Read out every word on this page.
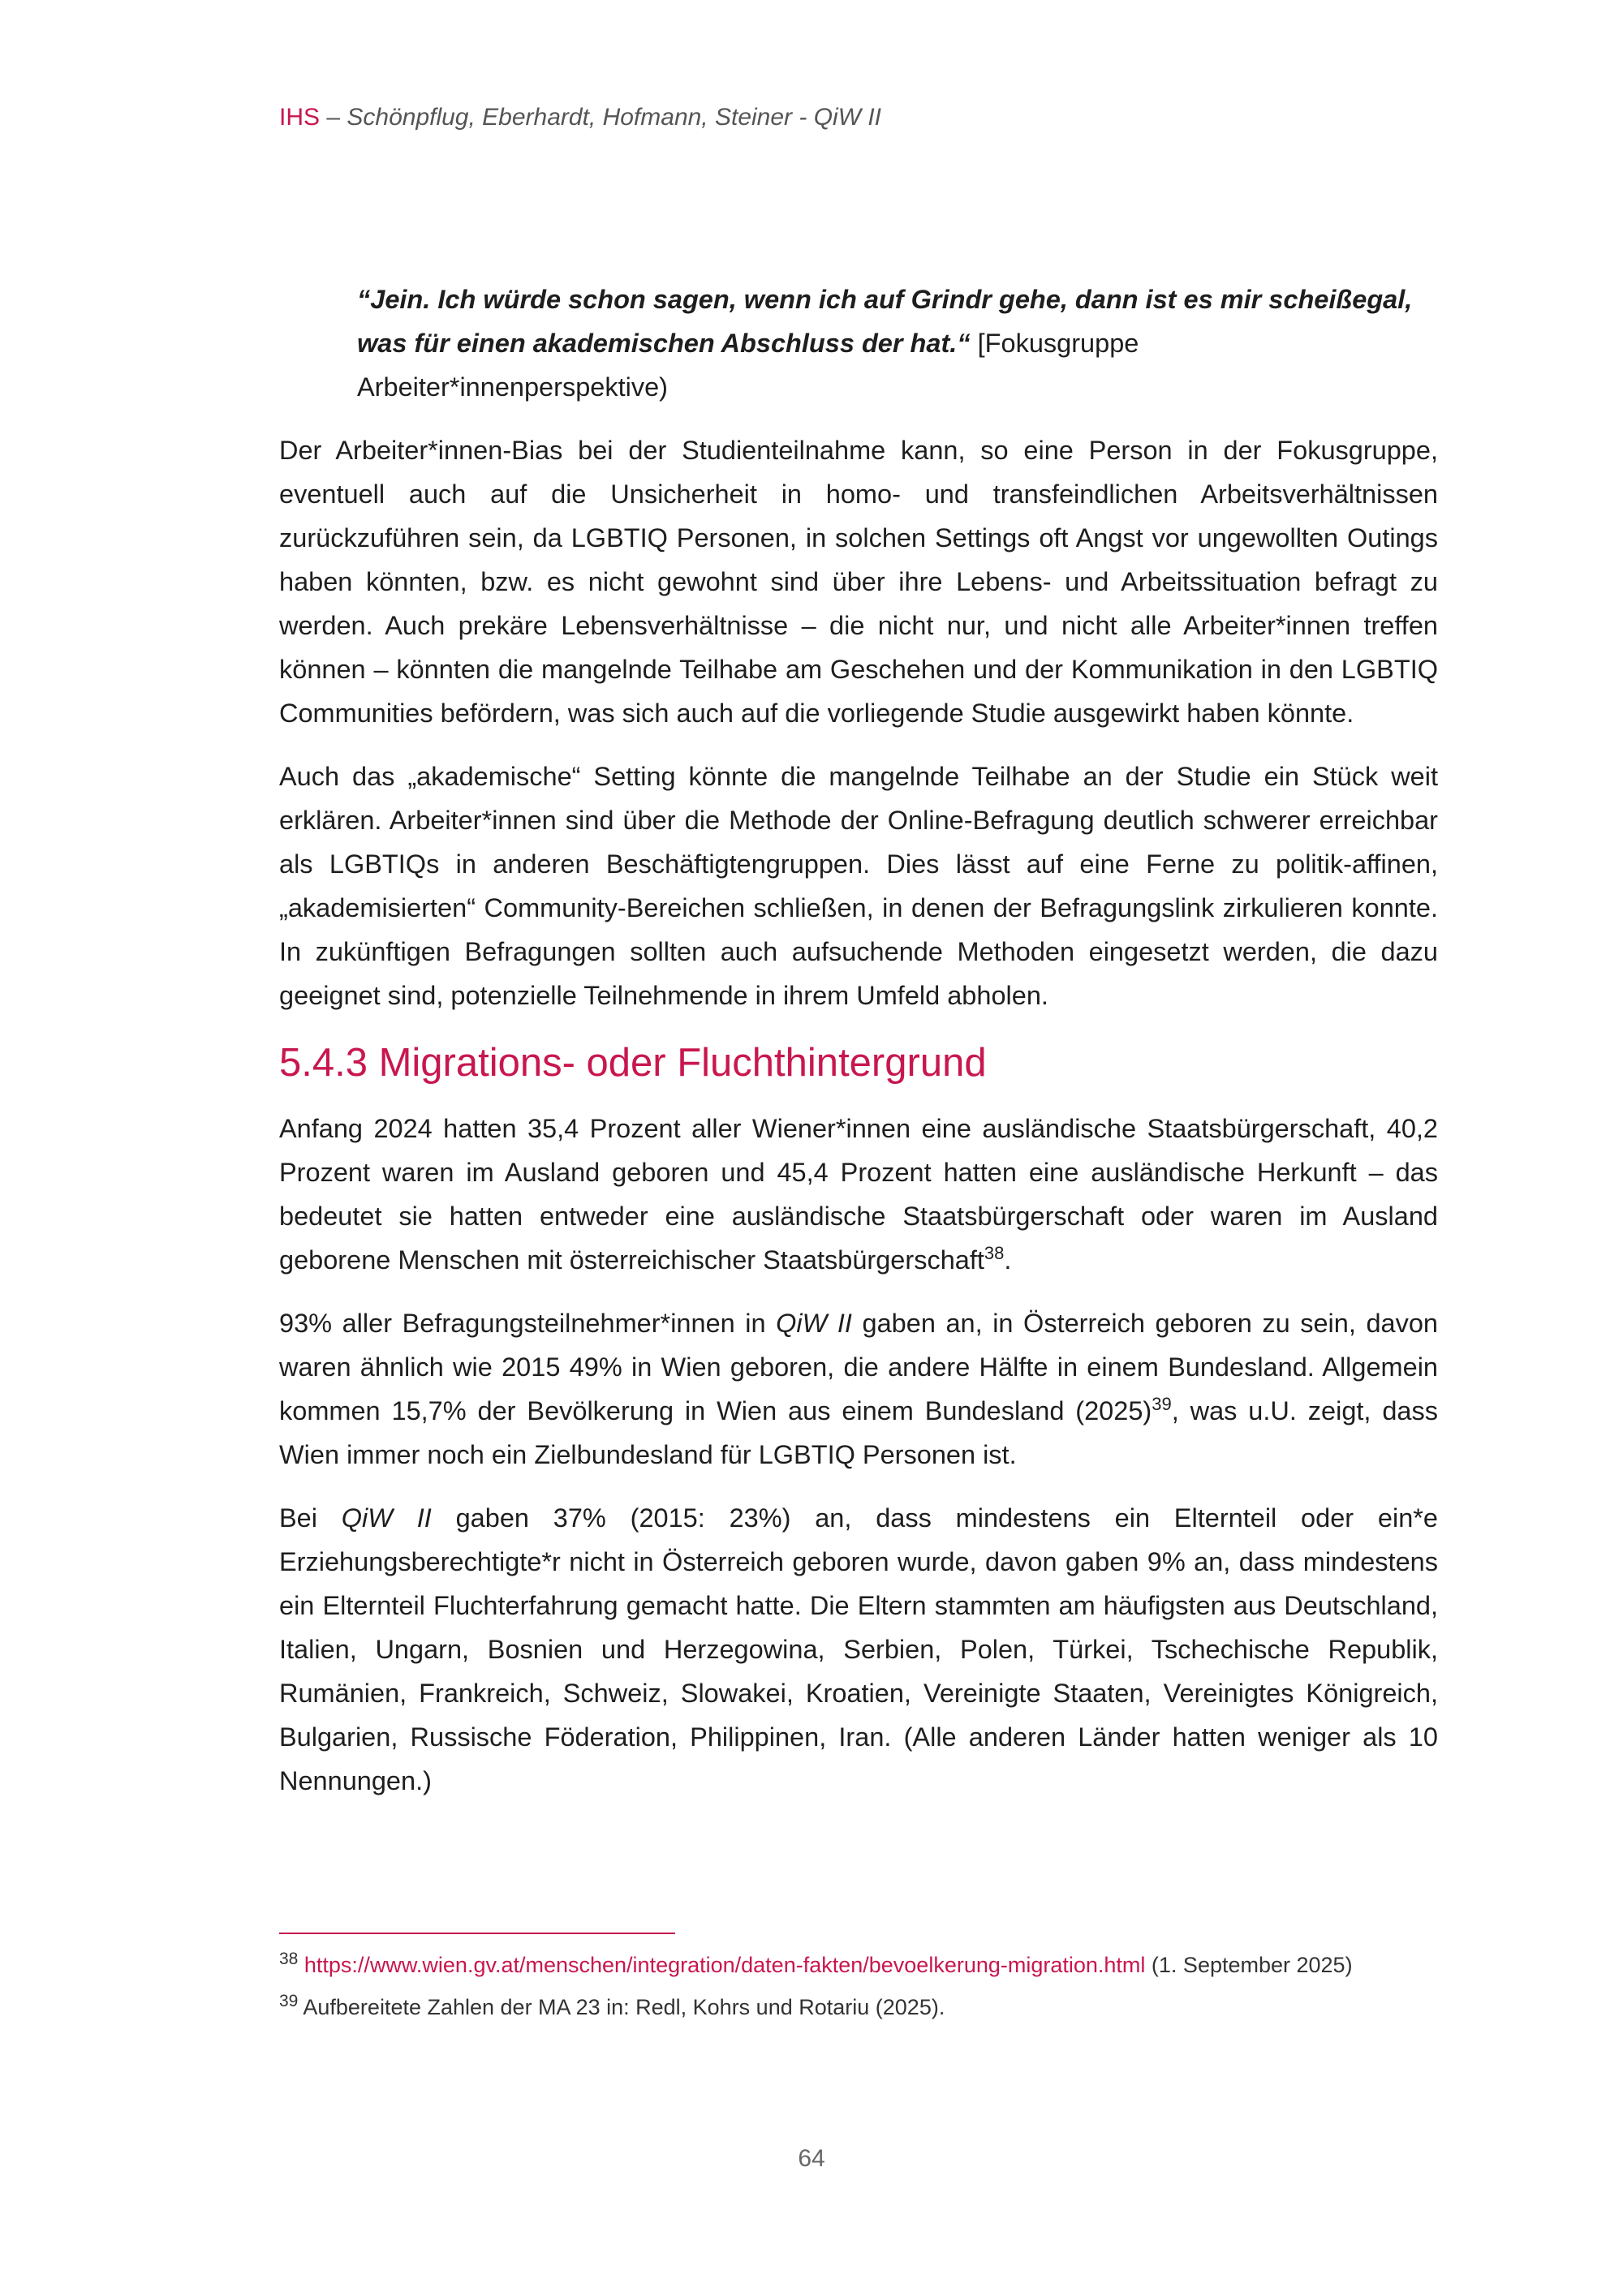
IHS – Schönpflug, Eberhardt, Hofmann, Steiner - QiW II

“Jein. Ich würde schon sagen, wenn ich auf Grindr gehe, dann ist es mir scheißegal, was für einen akademischen Abschluss der hat.“ [Fokusgruppe Arbeiter*innenperspektive)

Der Arbeiter*innen-Bias bei der Studienteilnahme kann, so eine Person in der Fokusgruppe, eventuell auch auf die Unsicherheit in homo- und transfeindlichen Arbeitsverhältnissen zurückzuführen sein, da LGBTIQ Personen, in solchen Settings oft Angst vor ungewollten Outings haben könnten, bzw. es nicht gewohnt sind über ihre Lebens- und Arbeitssituation befragt zu werden. Auch prekäre Lebensverhältnisse – die nicht nur, und nicht alle Arbeiter*innen treffen können – könnten die mangelnde Teilhabe am Geschehen und der Kommunikation in den LGBTIQ Communities befördern, was sich auch auf die vorliegende Studie ausgewirkt haben könnte.

Auch das „akademische“ Setting könnte die mangelnde Teilhabe an der Studie ein Stück weit erklären. Arbeiter*innen sind über die Methode der Online-Befragung deutlich schwerer erreichbar als LGBTIQs in anderen Beschäftigtengruppen. Dies lässt auf eine Ferne zu politik-affinen, „akademisierten“ Community-Bereichen schließen, in denen der Befragungslink zirkulieren konnte. In zukünftigen Befragungen sollten auch aufsuchende Methoden eingesetzt werden, die dazu geeignet sind, potenzielle Teilnehmende in ihrem Umfeld abholen.

5.4.3 Migrations- oder Fluchthintergrund

Anfang 2024 hatten 35,4 Prozent aller Wiener*innen eine ausländische Staatsbürgerschaft, 40,2 Prozent waren im Ausland geboren und 45,4 Prozent hatten eine ausländische Herkunft – das bedeutet sie hatten entweder eine ausländische Staatsbürgerschaft oder waren im Ausland geborene Menschen mit österreichischer Staatsbürgerschaft$^{38}$.

93% aller Befragungsteilnehmer*innen in QiW II gaben an, in Österreich geboren zu sein, davon waren ähnlich wie 2015 49% in Wien geboren, die andere Hälfte in einem Bundesland. Allgemein kommen 15,7% der Bevölkerung in Wien aus einem Bundesland $(2025)^{39}$, was u.U. zeigt, dass Wien immer noch ein Zielbundesland für LGBTIQ Personen ist.

Bei QiW II gaben 37% (2015: 23%) an, dass mindestens ein Elternteil oder ein*e Erziehungsberechtigte*r nicht in Österreich geboren wurde, davon gaben 9% an, dass mindestens ein Elternteil Fluchterfahrung gemacht hatte. Die Eltern stammten am häufigsten aus Deutschland, Italien, Ungarn, Bosnien und Herzegowina, Serbien, Polen, Türkei, Tschechische Republik, Rumänien, Frankreich, Schweiz, Slowakei, Kroatien, Vereinigte Staaten, Vereinigtes Königreich, Bulgarien, Russische Föderation, Philippinen, Iran. (Alle anderen Länder hatten weniger als 10 Nennungen.)

$^{38}$ https://www.wien.gv.at/menschen/integration/daten-fakten/bevoelkerung-migration.html (1. September 2025)
$^{39}$ Aufbereitete Zahlen der MA 23 in: Redl, Kohrs und Rotariu (2025).
64
